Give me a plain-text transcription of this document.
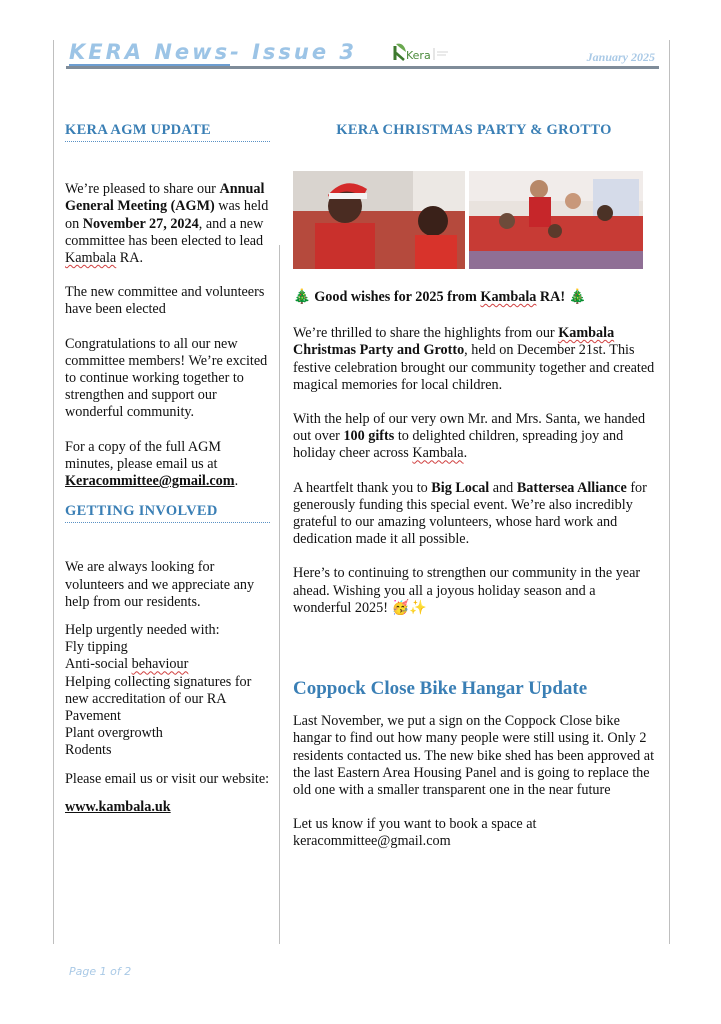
KERA News- Issue 3	Kera	January 2025
KERA AGM UPDATE

We’re pleased to share our Annual General Meeting (AGM) was held on November 27, 2024, and a new committee has been elected to lead Kambala RA.

The new committee and volunteers have been elected

Congratulations to all our new committee members! We’re excited to continue working together to strengthen and support our wonderful community.

For a copy of the full AGM minutes, please email us at Keracommittee@gmail.com.

GETTING INVOLVED

We are always looking for volunteers and we appreciate any help from our residents.

Help urgently needed with:

Fly tipping
Anti-social behaviour
Helping collecting signatures for new accreditation of our RA
Pavement
Plant overgrowth
Rodents

Please email us or visit our website:

www.kambala.uk

KERA CHRISTMAS PARTY & GROTTO

🎄 Good wishes for 2025 from Kambala RA! 🎄

We’re thrilled to share the highlights from our Kambala Christmas Party and Grotto, held on December 21st. This festive celebration brought our community together and created magical memories for local children.

With the help of our very own Mr. and Mrs. Santa, we handed out over 100 gifts to delighted children, spreading joy and holiday cheer across Kambala.

A heartfelt thank you to Big Local and Battersea Alliance for generously funding this special event. We’re also incredibly grateful to our amazing volunteers, whose hard work and dedication made it all possible.

Here’s to continuing to strengthen our community in the year ahead. Wishing you all a joyous holiday season and a wonderful 2025! 🥳✨

Coppock Close Bike Hangar Update

Last November, we put a sign on the Coppock Close bike hangar to find out how many people were still using it. Only 2 residents contacted us. The new bike shed has been approved at the last Eastern Area Housing Panel and is going to replace the old one with a smaller transparent one in the near future

Let us know if you want to book a space at keracommittee@gmail.com

Page 1 of 2
